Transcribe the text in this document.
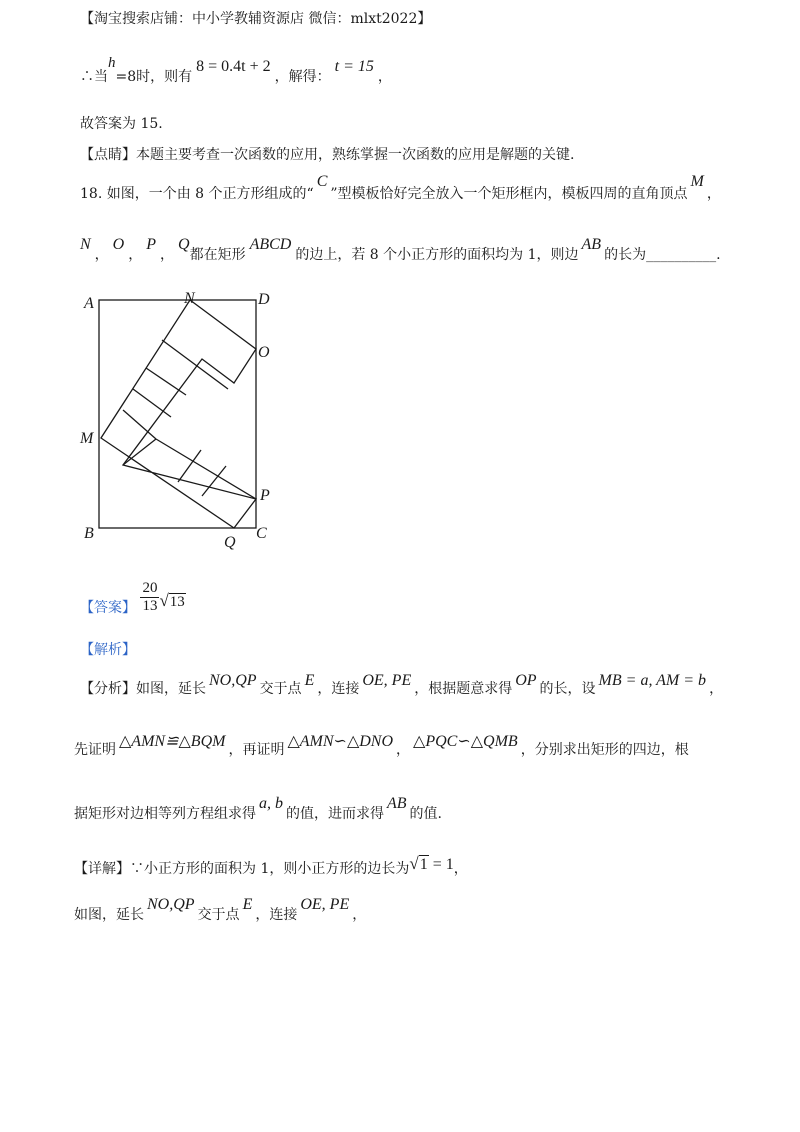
【淘宝搜索店铺：中小学教辅资源店 微信：mlxt2022】
∴当h=8时，则有8 = 0.4t + 2，解得：t = 15，
故答案为 15.
【点睛】本题主要考查一次函数的应用，熟练掌握一次函数的应用是解题的关键.
18. 如图，一个由 8 个正方形组成的“C”型模板恰好完全放入一个矩形框内，模板四周的直角顶点M，
N，O，P，Q都在矩形ABCD的边上，若 8 个小正方形的面积均为 1，则边AB的长为__________.
A	N	D
O
M
P
B
Q
C
【答案】 $\frac{20}{13} √13$
【解析】
【分析】如图，延长 NO,QP 交于点 E ，连接 OE, PE ，根据题意求得 OP 的长，设 MB = a, AM = b ，
先证明 △AMN≌△BQM ，再证明 △AMN∽△DNO ， △PQC∽△QMB ，分别求出矩形的四边，根
据矩形对边相等列方程组求得a, b的值，进而求得AB的值.
【详解】∵小正方形的面积为 1，则小正方形的边长为√1 = 1，
如图，延长NO,QP交于点E，连接OE, PE，
